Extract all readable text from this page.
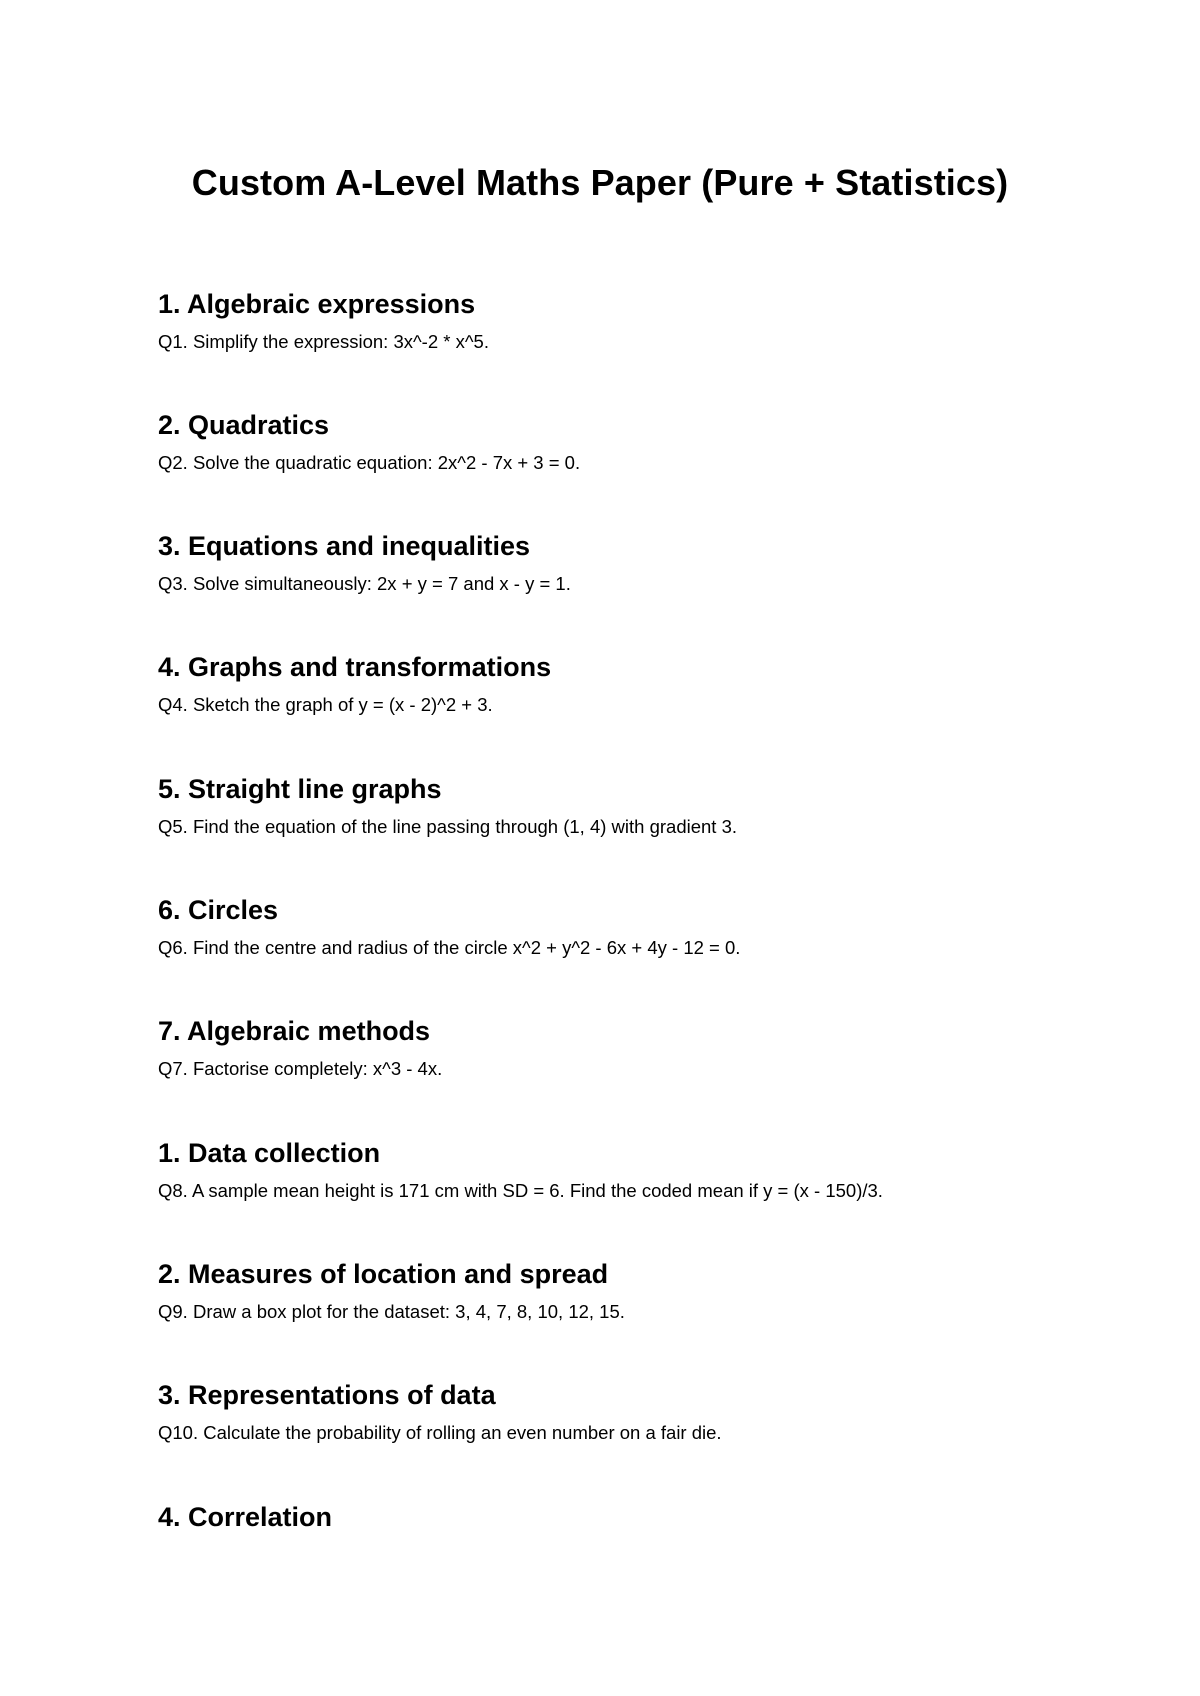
Custom A-Level Maths Paper (Pure + Statistics)
1. Algebraic expressions

Q1. Simplify the expression: 3x^-2 * x^5.

2. Quadratics

Q2. Solve the quadratic equation: 2x^2 - 7x + 3 = 0.

3. Equations and inequalities

Q3. Solve simultaneously: 2x + y = 7 and x - y = 1.

4. Graphs and transformations

Q4. Sketch the graph of y = (x - 2)^2 + 3.

5. Straight line graphs

Q5. Find the equation of the line passing through (1, 4) with gradient 3.

6. Circles

Q6. Find the centre and radius of the circle x^2 + y^2 - 6x + 4y - 12 = 0.

7. Algebraic methods

Q7. Factorise completely: x^3 - 4x.

1. Data collection

Q8. A sample mean height is 171 cm with SD = 6. Find the coded mean if y = (x - 150)/3.

2. Measures of location and spread

Q9. Draw a box plot for the dataset: 3, 4, 7, 8, 10, 12, 15.

3. Representations of data

Q10. Calculate the probability of rolling an even number on a fair die.

4. Correlation
